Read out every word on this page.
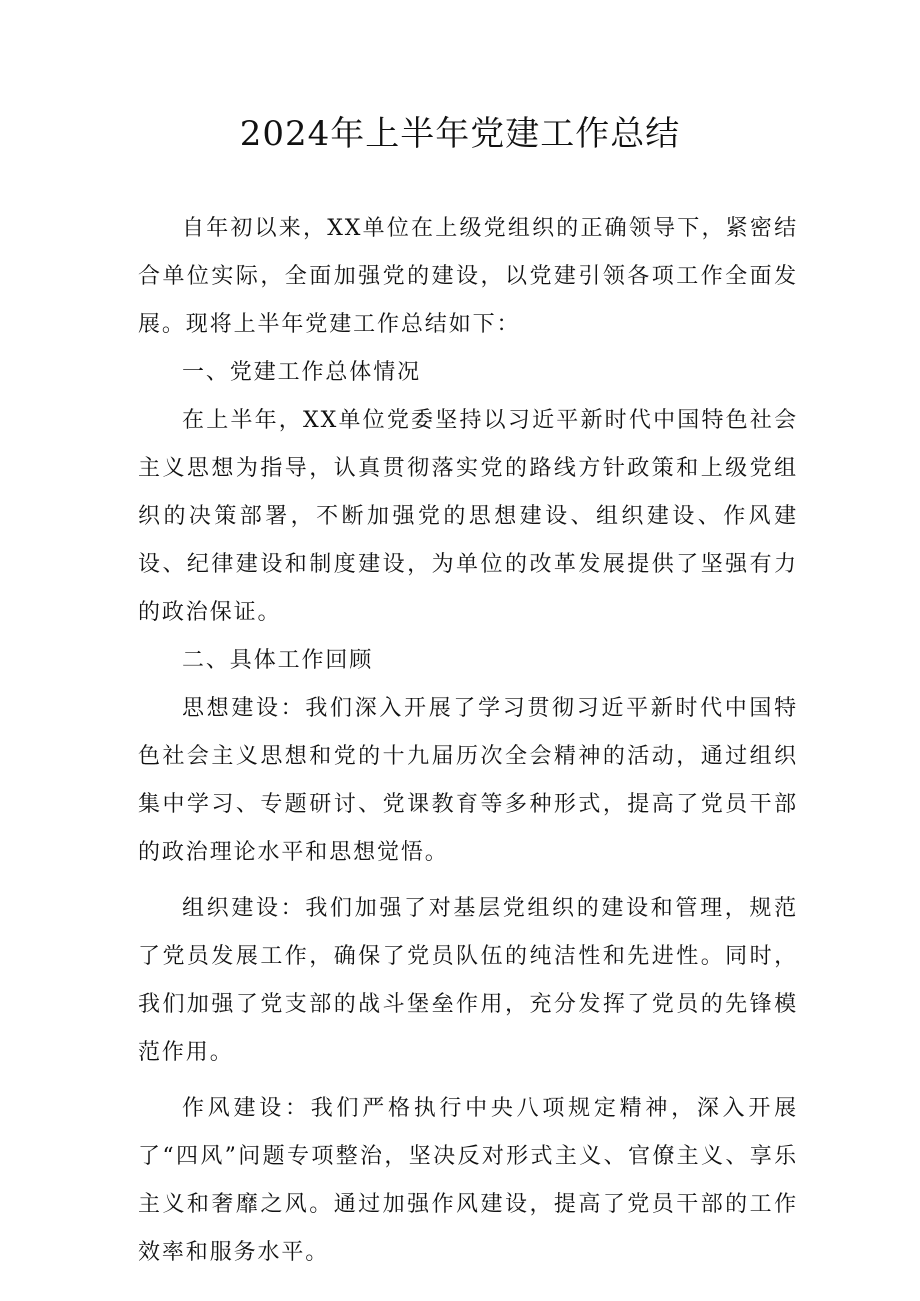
2024年上半年党建工作总结

自年初以来，XX单位在上级党组织的正确领导下，紧密结合单位实际，全面加强党的建设，以党建引领各项工作全面发展。现将上半年党建工作总结如下：

一、党建工作总体情况

在上半年，XX单位党委坚持以习近平新时代中国特色社会主义思想为指导，认真贯彻落实党的路线方针政策和上级党组织的决策部署，不断加强党的思想建设、组织建设、作风建设、纪律建设和制度建设，为单位的改革发展提供了坚强有力的政治保证。

二、具体工作回顾

思想建设：我们深入开展了学习贯彻习近平新时代中国特色社会主义思想和党的十九届历次全会精神的活动，通过组织集中学习、专题研讨、党课教育等多种形式，提高了党员干部的政治理论水平和思想觉悟。

组织建设：我们加强了对基层党组织的建设和管理，规范了党员发展工作，确保了党员队伍的纯洁性和先进性。同时，我们加强了党支部的战斗堡垒作用，充分发挥了党员的先锋模范作用。

作风建设：我们严格执行中央八项规定精神，深入开展了“四风”问题专项整治，坚决反对形式主义、官僚主义、享乐主义和奢靡之风。通过加强作风建设，提高了党员干部的工作效率和服务水平。
